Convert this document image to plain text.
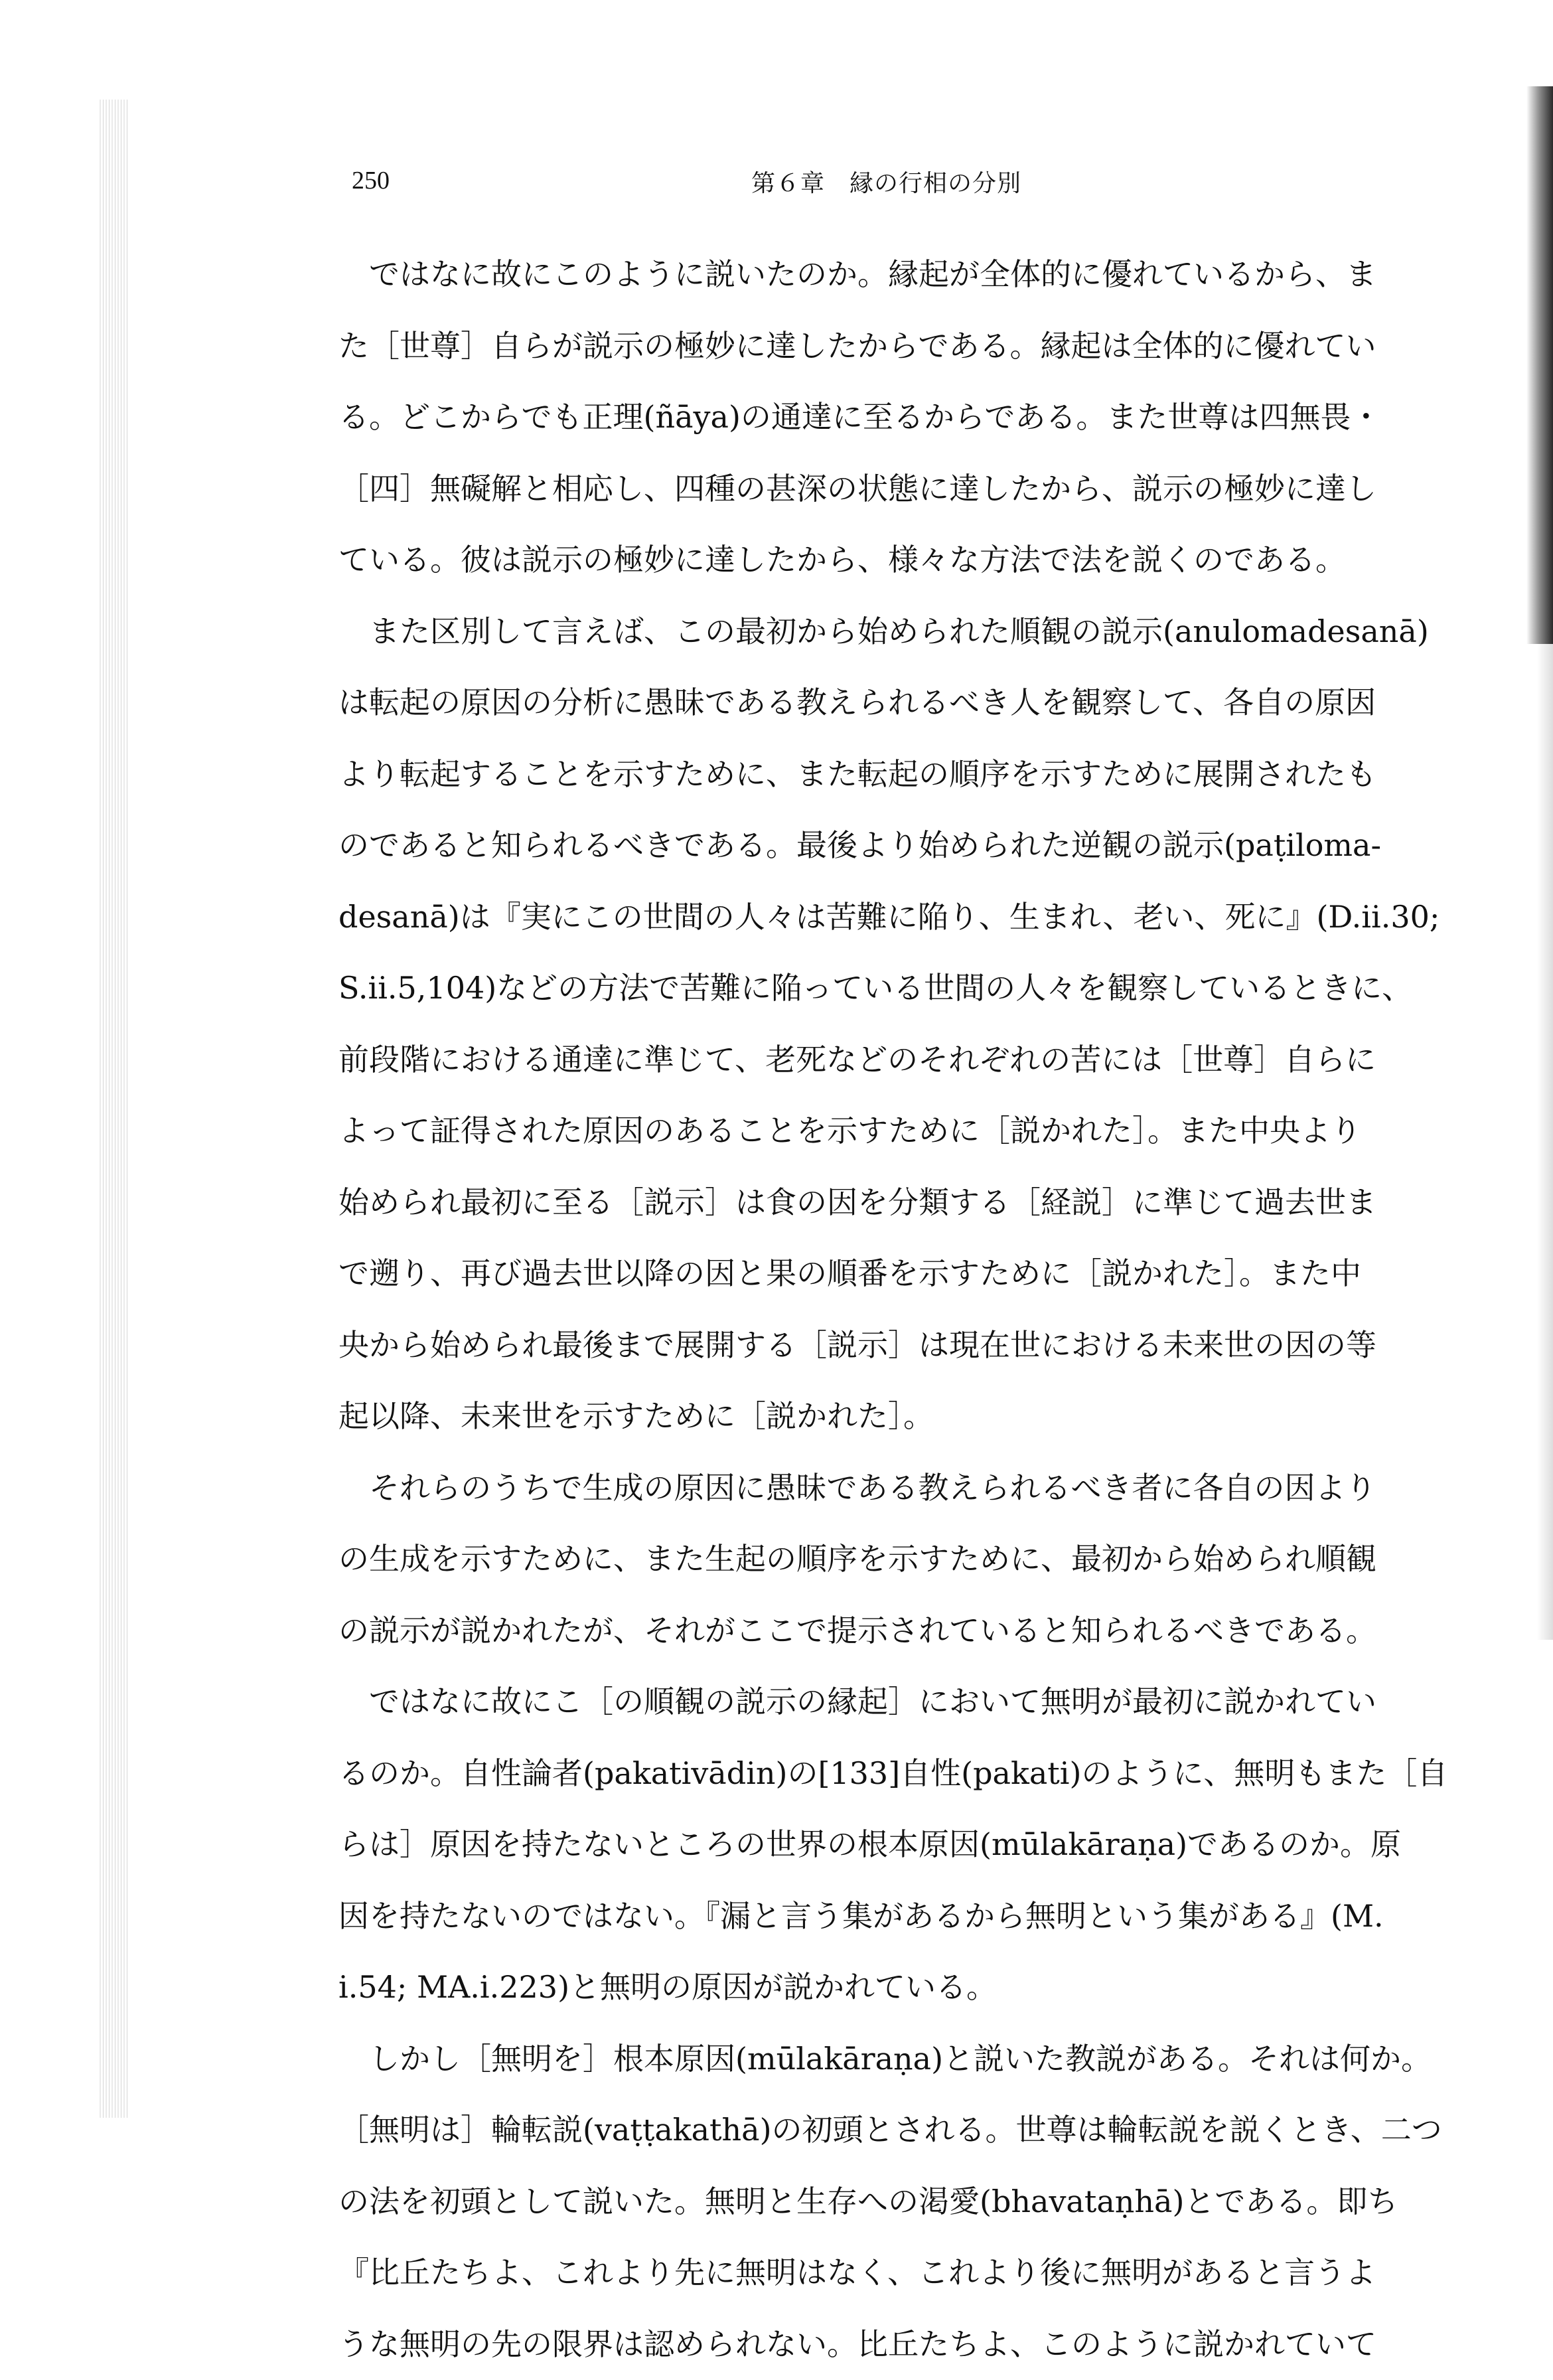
250	第６章　縁の行相の分別
ではなに故にこのように説いたのか。縁起が全体的に優れているから、ま
た［世尊］自らが説示の極妙に達したからである。縁起は全体的に優れてい
る。どこからでも正理(ñāya)の通達に至るからである。また世尊は四無畏・
［四］無礙解と相応し、四種の甚深の状態に達したから、説示の極妙に達し
ている。彼は説示の極妙に達したから、様々な方法で法を説くのである。
また区別して言えば、この最初から始められた順観の説示(anulomadesanā)
は転起の原因の分析に愚昧である教えられるべき人を観察して、各自の原因
より転起することを示すために、また転起の順序を示すために展開されたも
のであると知られるべきである。最後より始められた逆観の説示(paṭiloma-
desanā)は『実にこの世間の人々は苦難に陥り、生まれ、老い、死に』(D.ii.30;
S.ii.5,104)などの方法で苦難に陥っている世間の人々を観察しているときに、
前段階における通達に準じて、老死などのそれぞれの苦には［世尊］自らに
よって証得された原因のあることを示すために［説かれた］。また中央より
始められ最初に至る［説示］は食の因を分類する［経説］に準じて過去世ま
で遡り、再び過去世以降の因と果の順番を示すために［説かれた］。また中
央から始められ最後まで展開する［説示］は現在世における未来世の因の等
起以降、未来世を示すために［説かれた］。
それらのうちで生成の原因に愚昧である教えられるべき者に各自の因より
の生成を示すために、また生起の順序を示すために、最初から始められ順観
の説示が説かれたが、それがここで提示されていると知られるべきである。
ではなに故にこ［の順観の説示の縁起］において無明が最初に説かれてい
るのか。自性論者(pakativādin)の[133]自性(pakati)のように、無明もまた［自
らは］原因を持たないところの世界の根本原因(mūlakāraṇa)であるのか。原
因を持たないのではない。『漏と言う集があるから無明という集がある』(M.
i.54; MA.i.223)と無明の原因が説かれている。
しかし［無明を］根本原因(mūlakāraṇa)と説いた教説がある。それは何か。
［無明は］輪転説(vaṭṭakathā)の初頭とされる。世尊は輪転説を説くとき、二つ
の法を初頭として説いた。無明と生存への渇愛(bhavataṇhā)とである。即ち
『比丘たちよ、これより先に無明はなく、これより後に無明があると言うよ
うな無明の先の限界は認められない。比丘たちよ、このように説かれていて
